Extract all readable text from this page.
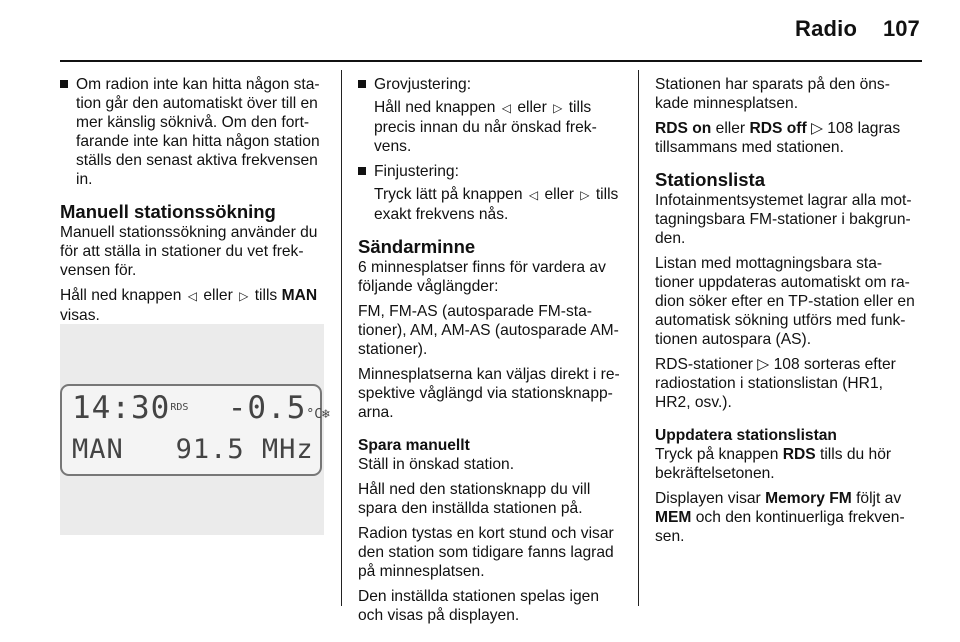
Radio 107
Om radion inte kan hitta någon sta-tion går den automatiskt över till en mer känslig söknivå. Om den fort-farande inte kan hitta någon station ställs den senast aktiva frekvensen in.
Manuell stationssökning

Manuell stationssökning använder du för att ställa in stationer du vet frek-vensen för.

Håll ned knappen ◁ eller ▷ tills MAN visas.

$14:30^{RDS}$ -0.5°C❄
MAN 91.5 MHz
Grovjustering:
Håll ned knappen ◁ eller ▷ tills precis innan du når önskad frek-vens.
Finjustering:
Tryck lätt på knappen ◁ eller ▷ tills exakt frekvens nås.
Sändarminne

6 minnesplatser finns för vardera av följande våglängder:

FM, FM-AS (autosparade FM-sta-tioner), AM, AM-AS (autosparade AM-stationer).

Minnesplatserna kan väljas direkt i re-spektive våglängd via stationsknapp-arna.

Spara manuellt

Ställ in önskad station.

Håll ned den stationsknapp du vill spara den inställda stationen på.

Radion tystas en kort stund och visar den station som tidigare fanns lagrad på minnesplatsen.

Den inställda stationen spelas igen och visas på displayen.

Stationen har sparats på den öns-kade minnesplatsen.

RDS on eller RDS off ▷ 108 lagras tillsammans med stationen.

Stationslista

Infotainmentsystemet lagrar alla mot-tagningsbara FM-stationer i bakgrun-den.

Listan med mottagningsbara sta-tioner uppdateras automatiskt om ra-dion söker efter en TP-station eller en automatisk sökning utförs med funk-tionen autospara (AS).

RDS-stationer ▷ 108 sorteras efter radiostation i stationslistan (HR1, HR2, osv.).

Uppdatera stationslistan

Tryck på knappen RDS tills du hör bekräftelsetonen.

Displayen visar Memory FM följt av MEM och den kontinuerliga frekven-sen.
